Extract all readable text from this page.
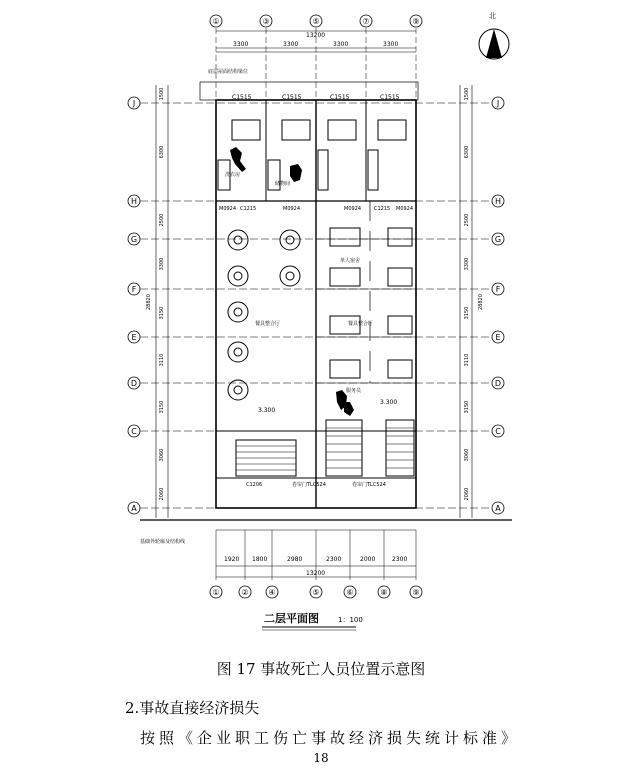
①	③	⑤	⑦	⑨
①	② ④	⑤	⑥	⑧	⑨
J	J
H	H
G	G
F	F
E	E
D	D
C	C
A	A
北
3300	3300	3300	3300
13200
底层屋面结构梁位
C1515	C1515	C1515	C1515
M0924 C1215	M0924	M0924	C1215 M0924
餐具整合厅	餐具整合厅
单人宿舍
洗衣房
储物间
服务员
3.300
3.300
C1206	卷帘门TLC524	卷帘门TLC524
基础外轮廓及结构线
1920 1800	2980	2300	2000	2300
13200
28820	28820
二层平面图	1：100
1500
6300
2500
3300
3150
3110
3150
3060
2060
1500
6300
2500
3300
3150
3110
3150
3060
2060
图 17 事故死亡人员位置示意图
2.事故直接经济损失
按照《企业职工伤亡事故经济损失统计标准》
18
